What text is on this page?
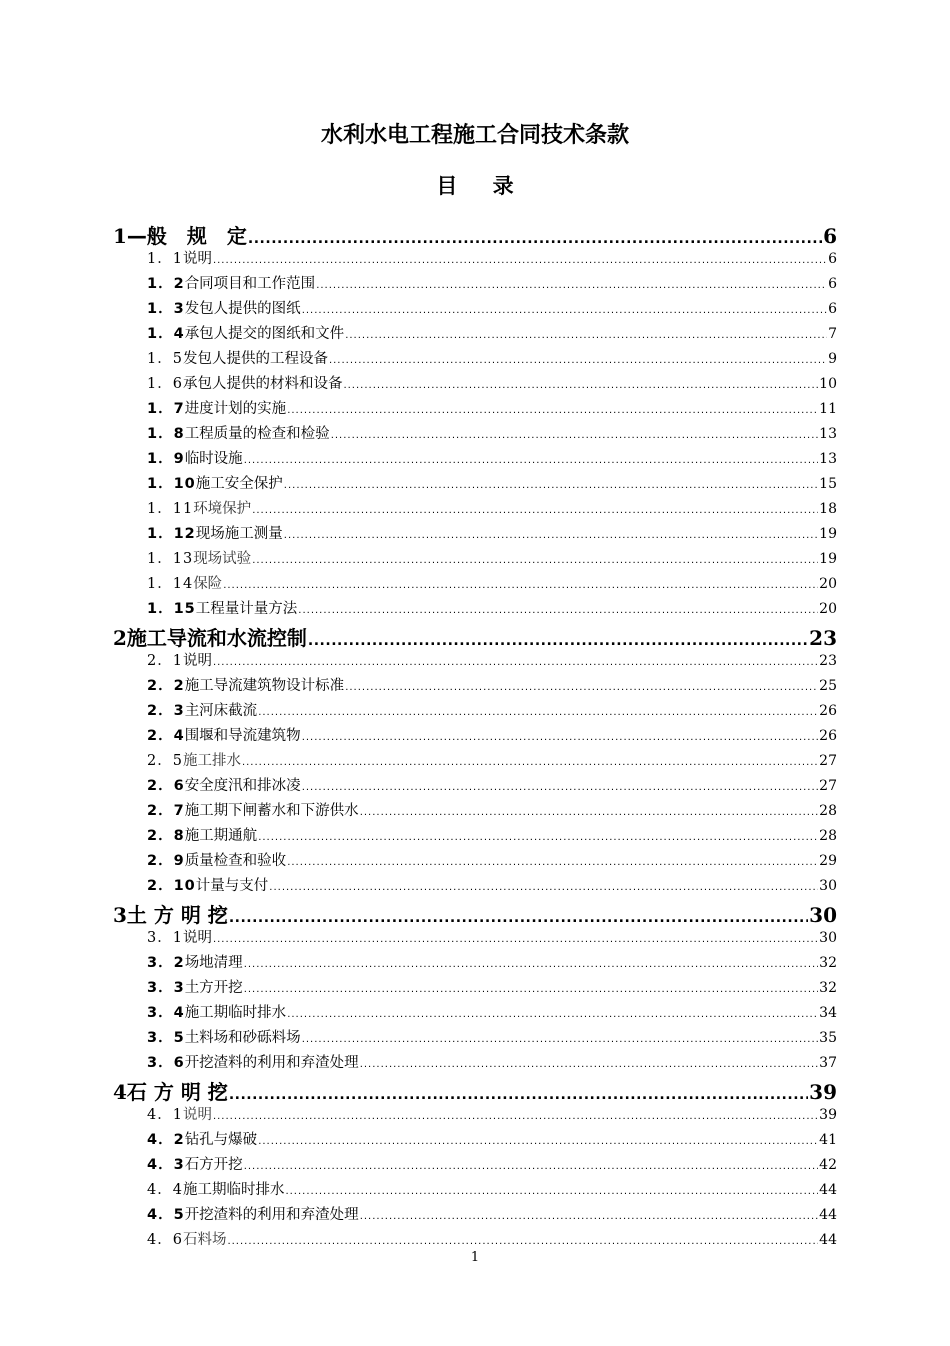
水利水电工程施工合同技术条款
目 录
1 —般　规　定 .....	6
1．1 说明 .....	6
1．2 合同项目和工作范围 .....	6
1．3 发包人提供的图纸 .....	6
1．4 承包人提交的图纸和文件 .....	7
1．5 发包人提供的工程设备 .....	9
1．6 承包人提供的材料和设备 .....	10
1．7 进度计划的实施 .....	11
1．8 工程质量的检查和检验 .....	13
1．9 临时设施 .....	13
1．10 施工安全保护 .....	15
1．11 环境保护 .....	18
1．12 现场施工测量 .....	19
1．13 现场试验 .....	19
1．14 保险 .....	20
1．15 工程量计量方法 .....	20
2 施工导流和水流控制 .....	23
2．1 说明 .....	23
2．2 施工导流建筑物设计标准 .....	25
2．3 主河床截流 .....	26
2．4 围堰和导流建筑物 .....	26
2．5 施工排水 .....	27
2．6 安全度汛和排冰凌 .....	27
2．7 施工期下闸蓄水和下游供水 .....	28
2．8 施工期通航 .....	28
2．9 质量检查和验收 .....	29
2．10 计量与支付 .....	30
3 土 方 明 挖 .....	30
3．1 说明 .....	30
3．2 场地清理 .....	32
3．3 土方开挖 .....	32
3．4 施工期临时排水 .....	34
3．5 土料场和砂砾料场 .....	35
3．6 开挖渣料的利用和弃渣处理 .....	37
4 石 方 明 挖 .....	39
4．1 说明 .....	39
4．2 钻孔与爆破 .....	41
4．3 石方开挖 .....	42
4．4 施工期临时排水 .....	44
4．5 开挖渣料的利用和弃渣处理 .....	44
4．6 石料场 .....	44
1
